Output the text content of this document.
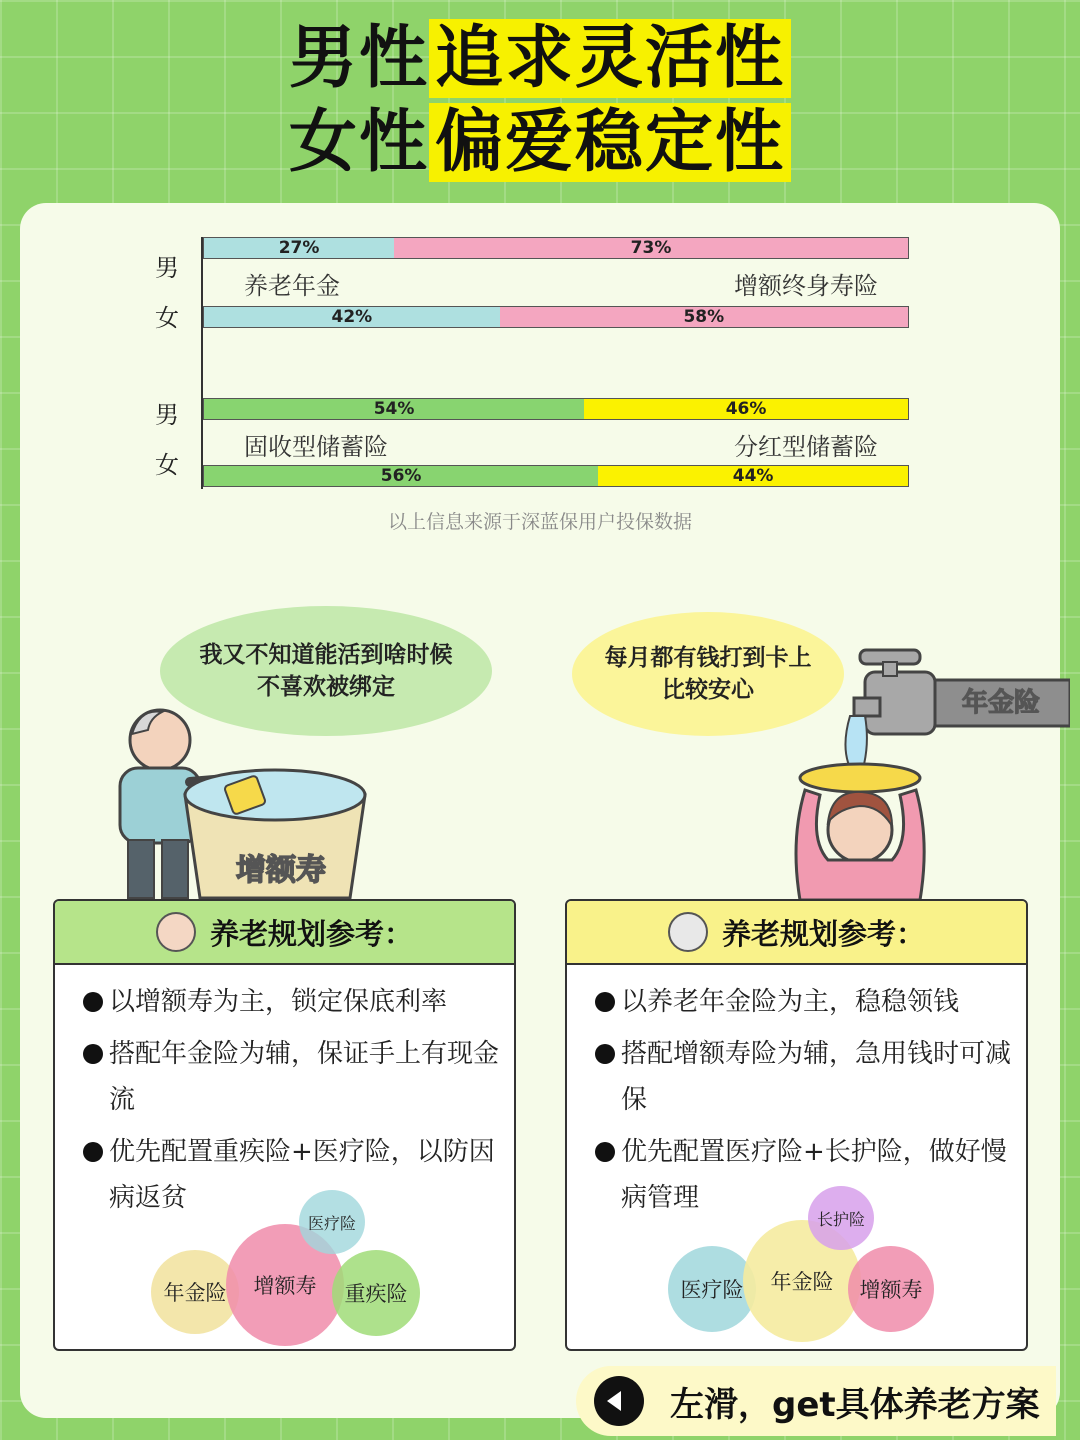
男性追求灵活性
女性偏爱稳定性
男
女
男
女
27%	73%
养老年金	增额终身寿险
42%	58%
54%	46%
固收型储蓄险	分红型储蓄险
56%	44%
以上信息来源于深蓝保用户投保数据
我又不知道能活到啥时候
不喜欢被绑定
每月都有钱打到卡上
比较安心
增额寿
年金险
养老规划参考：
以增额寿为主，锁定保底利率
搭配年金险为辅，保证手上有现金流
优先配置重疾险+医疗险，以防因病返贫
年金险	增额寿
医疗险
重疾险
养老规划参考：
以养老年金险为主，稳稳领钱
搭配增额寿险为辅，急用钱时可减保
优先配置医疗险+长护险，做好慢病管理
医疗险	年金险
长护险
增额寿
左滑，get具体养老方案
